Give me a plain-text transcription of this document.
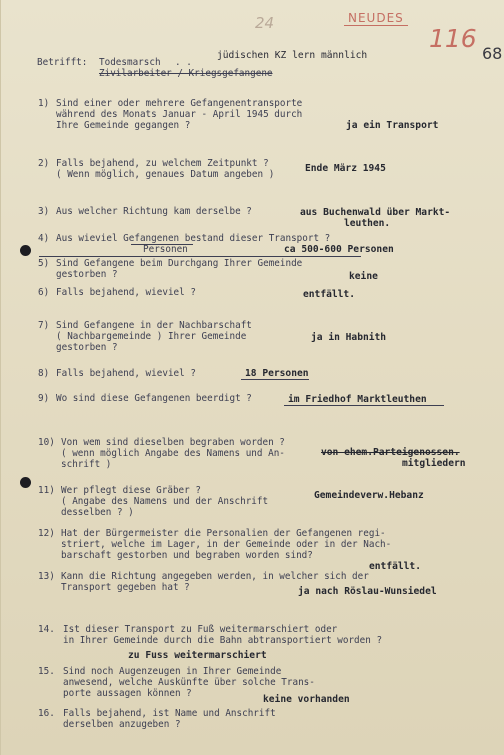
24	NEUDES
116
68
Betrifft: Todesmarsch . .
jüdischen KZ lern männlich
Zivilarbeiter / Kriegsgefangene
1) Sind einer oder mehrere Gefangenentransporte
während des Monats Januar - April 1945 durch
Ihre Gemeinde gegangen ?	ja ein Transport
2) Falls bejahend, zu welchem Zeitpunkt ?
( Wenn möglich, genaues Datum angeben )
Ende März 1945
3) Aus welcher Richtung kam derselbe ?	aus Buchenwald über Markt-
leuthen.
4) Aus wieviel Gefangenen bestand dieser Transport ?
Personen	ca 500-600 Personen
5) Sind Gefangene beim Durchgang Ihrer Gemeinde
gestorben ?	keine
6) Falls bejahend, wieviel ?	entfällt.
7) Sind Gefangene in der Nachbarschaft
( Nachbargemeinde ) Ihrer Gemeinde
gestorben ?
ja in Habnith
8) Falls bejahend, wieviel ?	18 Personen
9) Wo sind diese Gefangenen beerdigt ?	im Friedhof Marktleuthen
10) Von wem sind dieselben begraben worden ?
( wenn möglich Angabe des Namens und An-
schrift )
von ehem.Parteigenossen.
mitgliedern
11) Wer pflegt diese Gräber ?
( Angabe des Namens und der Anschrift
desselben ? )
Gemeindeverw.Hebanz
12) Hat der Bürgermeister die Personalien der Gefangenen regi-
striert, welche im Lager, in der Gemeinde oder in der Nach-
barschaft gestorben und begraben worden sind?
entfällt.
13) Kann die Richtung angegeben werden, in welcher sich der
Transport gegeben hat ?	ja nach Röslau-Wunsiedel
14. Ist dieser Transport zu Fuß weitermarschiert oder
in Ihrer Gemeinde durch die Bahn abtransportiert worden ?
zu Fuss weitermarschiert
15. Sind noch Augenzeugen in Ihrer Gemeinde
anwesend, welche Auskünfte über solche Trans-
porte aussagen können ?
keine vorhanden
16. Falls bejahend, ist Name und Anschrift
derselben anzugeben ?
